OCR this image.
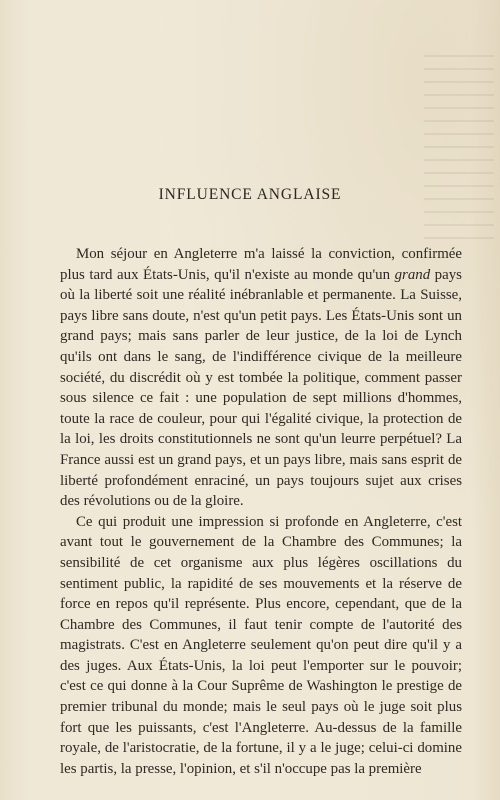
INFLUENCE ANGLAISE

Mon séjour en Angleterre m'a laissé la conviction, confirmée plus tard aux États-Unis, qu'il n'existe au monde qu'un grand pays où la liberté soit une réalité inébranlable et permanente. La Suisse, pays libre sans doute, n'est qu'un petit pays. Les États-Unis sont un grand pays; mais sans parler de leur justice, de la loi de Lynch qu'ils ont dans le sang, de l'indifférence civique de la meilleure société, du discrédit où y est tombée la politique, comment passer sous silence ce fait : une population de sept millions d'hommes, toute la race de couleur, pour qui l'égalité civique, la protection de la loi, les droits constitutionnels ne sont qu'un leurre perpétuel? La France aussi est un grand pays, et un pays libre, mais sans esprit de liberté profondément enraciné, un pays toujours sujet aux crises des révolutions ou de la gloire.

Ce qui produit une impression si profonde en Angleterre, c'est avant tout le gouvernement de la Chambre des Communes; la sensibilité de cet organisme aux plus légères oscillations du sentiment public, la rapidité de ses mouvements et la réserve de force en repos qu'il représente. Plus encore, cependant, que de la Chambre des Communes, il faut tenir compte de l'autorité des magistrats. C'est en Angleterre seulement qu'on peut dire qu'il y a des juges. Aux États-Unis, la loi peut l'emporter sur le pouvoir; c'est ce qui donne à la Cour Suprême de Washington le prestige de premier tribunal du monde; mais le seul pays où le juge soit plus fort que les puissants, c'est l'Angleterre. Au-dessus de la famille royale, de l'aristocratie, de la fortune, il y a le juge; celui-ci domine les partis, la presse, l'opinion, et s'il n'occupe pas la première
